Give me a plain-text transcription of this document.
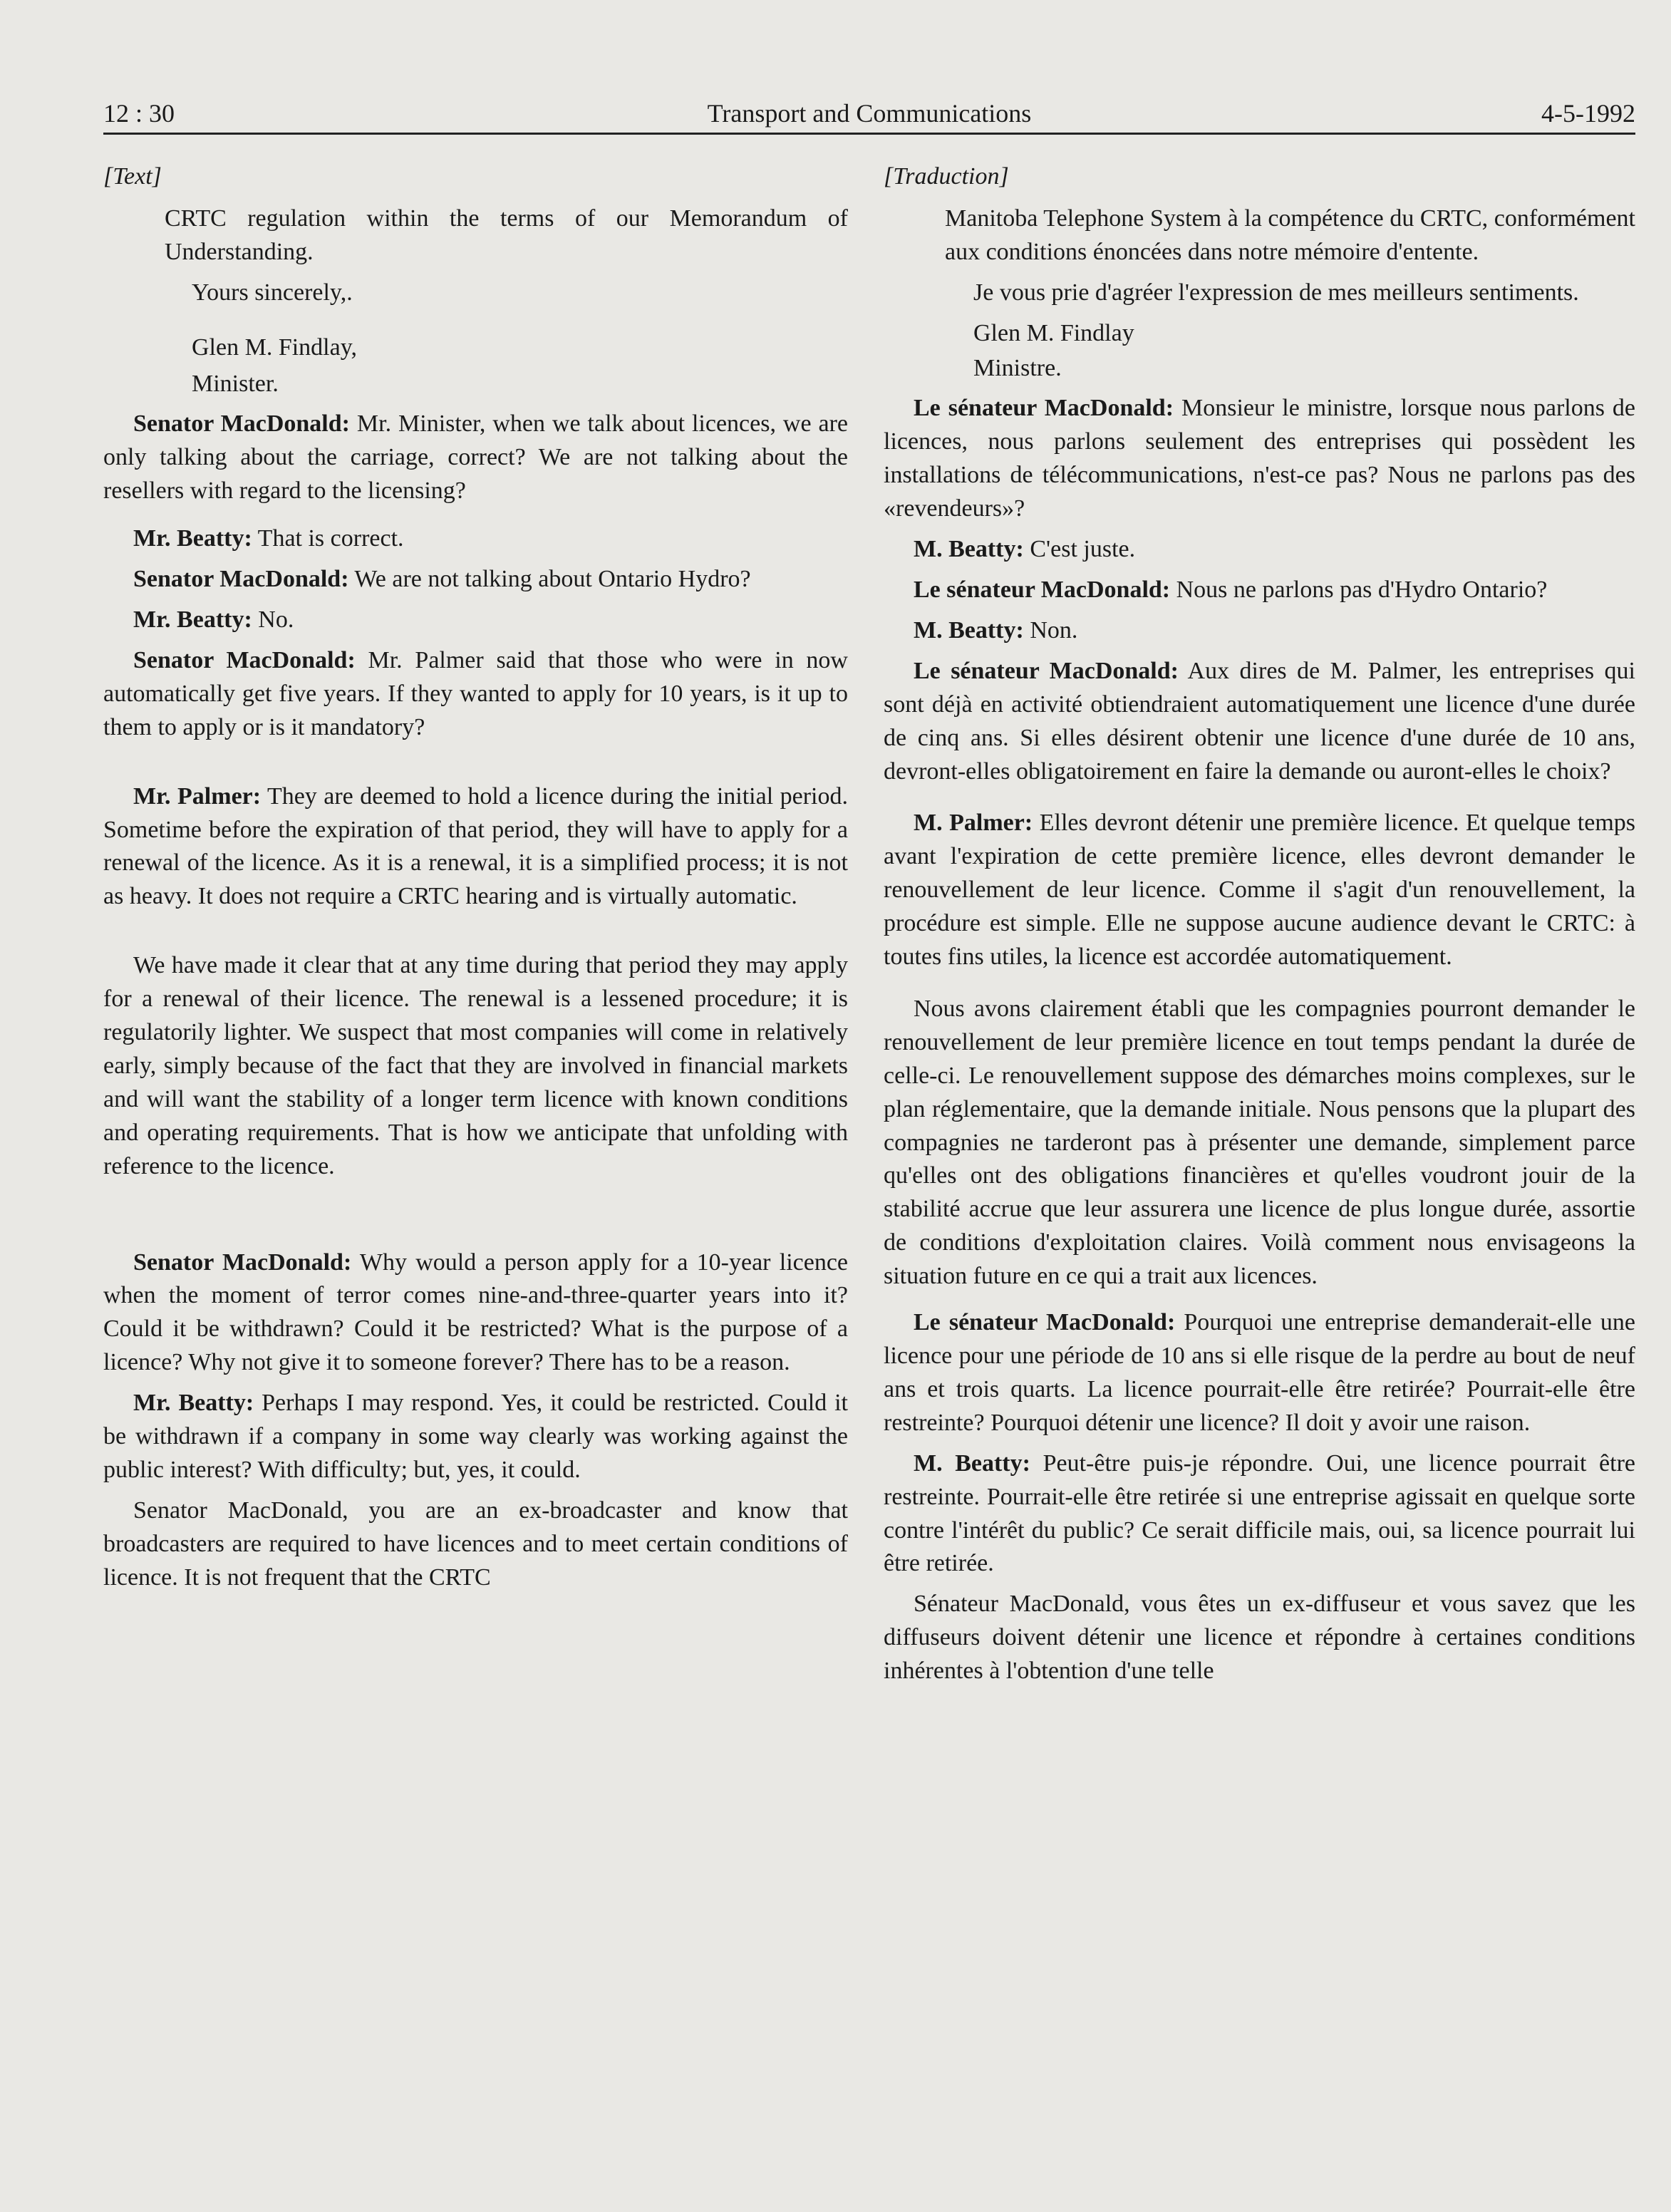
12 : 30	Transport and Communications	4-5-1992
[Text]

CRTC regulation within the terms of our Memorandum of Understanding.

Yours sincerely,.

Glen M. Findlay,

Minister.

Senator MacDonald: Mr. Minister, when we talk about licences, we are only talking about the carriage, correct? We are not talking about the resellers with regard to the licensing?

Mr. Beatty: That is correct.

Senator MacDonald: We are not talking about Ontario Hydro?

Mr. Beatty: No.

Senator MacDonald: Mr. Palmer said that those who were in now automatically get five years. If they wanted to apply for 10 years, is it up to them to apply or is it mandatory?

Mr. Palmer: They are deemed to hold a licence during the initial period. Sometime before the expiration of that period, they will have to apply for a renewal of the licence. As it is a renewal, it is a simplified process; it is not as heavy. It does not require a CRTC hearing and is virtually automatic.

We have made it clear that at any time during that period they may apply for a renewal of their licence. The renewal is a lessened procedure; it is regulatorily lighter. We suspect that most companies will come in relatively early, simply because of the fact that they are involved in financial markets and will want the stability of a longer term licence with known conditions and operating requirements. That is how we anticipate that unfolding with reference to the licence.

Senator MacDonald: Why would a person apply for a 10-year licence when the moment of terror comes nine-and-three-quarter years into it? Could it be withdrawn? Could it be restricted? What is the purpose of a licence? Why not give it to someone forever? There has to be a reason.

Mr. Beatty: Perhaps I may respond. Yes, it could be restricted. Could it be withdrawn if a company in some way clearly was working against the public interest? With difficulty; but, yes, it could.

Senator MacDonald, you are an ex-broadcaster and know that broadcasters are required to have licences and to meet certain conditions of licence. It is not frequent that the CRTC

[Traduction]

Manitoba Telephone System à la compétence du CRTC, conformément aux conditions énoncées dans notre mémoire d'entente.

Je vous prie d'agréer l'expression de mes meilleurs sentiments.

Glen M. Findlay

Ministre.

Le sénateur MacDonald: Monsieur le ministre, lorsque nous parlons de licences, nous parlons seulement des entreprises qui possèdent les installations de télécommunications, n'est-ce pas? Nous ne parlons pas des «revendeurs»?

M. Beatty: C'est juste.

Le sénateur MacDonald: Nous ne parlons pas d'Hydro Ontario?

M. Beatty: Non.

Le sénateur MacDonald: Aux dires de M. Palmer, les entreprises qui sont déjà en activité obtiendraient automatiquement une licence d'une durée de cinq ans. Si elles désirent obtenir une licence d'une durée de 10 ans, devront-elles obligatoirement en faire la demande ou auront-elles le choix?

M. Palmer: Elles devront détenir une première licence. Et quelque temps avant l'expiration de cette première licence, elles devront demander le renouvellement de leur licence. Comme il s'agit d'un renouvellement, la procédure est simple. Elle ne suppose aucune audience devant le CRTC: à toutes fins utiles, la licence est accordée automatiquement.

Nous avons clairement établi que les compagnies pourront demander le renouvellement de leur première licence en tout temps pendant la durée de celle-ci. Le renouvellement suppose des démarches moins complexes, sur le plan réglementaire, que la demande initiale. Nous pensons que la plupart des compagnies ne tarderont pas à présenter une demande, simplement parce qu'elles ont des obligations financières et qu'elles voudront jouir de la stabilité accrue que leur assurera une licence de plus longue durée, assortie de conditions d'exploitation claires. Voilà comment nous envisageons la situation future en ce qui a trait aux licences.

Le sénateur MacDonald: Pourquoi une entreprise demanderait-elle une licence pour une période de 10 ans si elle risque de la perdre au bout de neuf ans et trois quarts. La licence pourrait-elle être retirée? Pourrait-elle être restreinte? Pourquoi détenir une licence? Il doit y avoir une raison.

M. Beatty: Peut-être puis-je répondre. Oui, une licence pourrait être restreinte. Pourrait-elle être retirée si une entreprise agissait en quelque sorte contre l'intérêt du public? Ce serait difficile mais, oui, sa licence pourrait lui être retirée.

Sénateur MacDonald, vous êtes un ex-diffuseur et vous savez que les diffuseurs doivent détenir une licence et répondre à certaines conditions inhérentes à l'obtention d'une telle
